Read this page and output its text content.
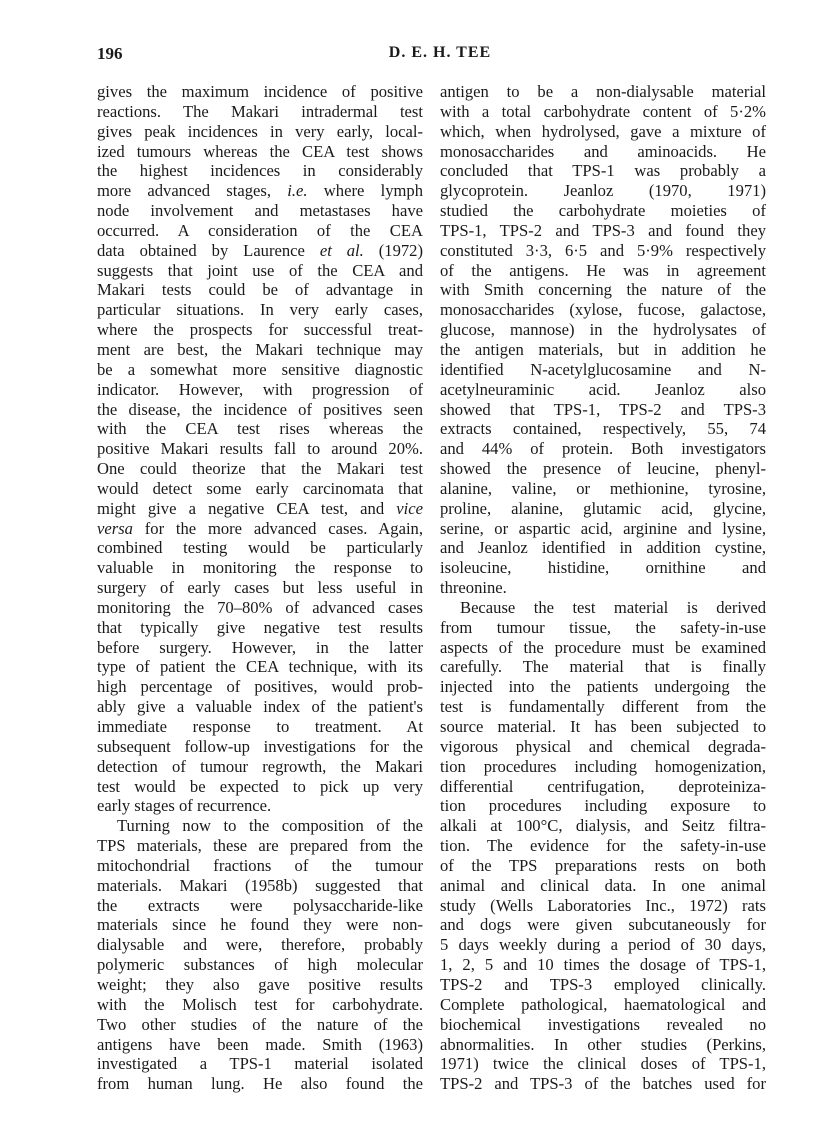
196	D. E. H. TEE
gives the maximum incidence of positive
reactions. The Makari intradermal test
gives peak incidences in very early, local-
ized tumours whereas the CEA test shows
the highest incidences in considerably
more advanced stages, i.e. where lymph
node involvement and metastases have
occurred. A consideration of the CEA
data obtained by Laurence et al. (1972)
suggests that joint use of the CEA and
Makari tests could be of advantage in
particular situations. In very early cases,
where the prospects for successful treat-
ment are best, the Makari technique may
be a somewhat more sensitive diagnostic
indicator. However, with progression of
the disease, the incidence of positives seen
with the CEA test rises whereas the
positive Makari results fall to around 20%.
One could theorize that the Makari test
would detect some early carcinomata that
might give a negative CEA test, and vice
versa for the more advanced cases. Again,
combined testing would be particularly
valuable in monitoring the response to
surgery of early cases but less useful in
monitoring the 70–80% of advanced cases
that typically give negative test results
before surgery. However, in the latter
type of patient the CEA technique, with its
high percentage of positives, would prob-
ably give a valuable index of the patient's
immediate response to treatment. At
subsequent follow-up investigations for the
detection of tumour regrowth, the Makari
test would be expected to pick up very
early stages of recurrence.
Turning now to the composition of the
TPS materials, these are prepared from the
mitochondrial fractions of the tumour
materials. Makari (1958b) suggested that
the extracts were polysaccharide-like
materials since he found they were non-
dialysable and were, therefore, probably
polymeric substances of high molecular
weight; they also gave positive results
with the Molisch test for carbohydrate.
Two other studies of the nature of the
antigens have been made. Smith (1963)
investigated a TPS-1 material isolated
from human lung. He also found the
antigen to be a non-dialysable material
with a total carbohydrate content of 5·2%
which, when hydrolysed, gave a mixture of
monosaccharides and aminoacids. He
concluded that TPS-1 was probably a
glycoprotein. Jeanloz (1970, 1971)
studied the carbohydrate moieties of
TPS-1, TPS-2 and TPS-3 and found they
constituted 3·3, 6·5 and 5·9% respectively
of the antigens. He was in agreement
with Smith concerning the nature of the
monosaccharides (xylose, fucose, galactose,
glucose, mannose) in the hydrolysates of
the antigen materials, but in addition he
identified N-acetylglucosamine and N-
acetylneuraminic acid. Jeanloz also
showed that TPS-1, TPS-2 and TPS-3
extracts contained, respectively, 55, 74
and 44% of protein. Both investigators
showed the presence of leucine, phenyl-
alanine, valine, or methionine, tyrosine,
proline, alanine, glutamic acid, glycine,
serine, or aspartic acid, arginine and lysine,
and Jeanloz identified in addition cystine,
isoleucine, histidine, ornithine and
threonine.
Because the test material is derived
from tumour tissue, the safety-in-use
aspects of the procedure must be examined
carefully. The material that is finally
injected into the patients undergoing the
test is fundamentally different from the
source material. It has been subjected to
vigorous physical and chemical degrada-
tion procedures including homogenization,
differential centrifugation, deproteiniza-
tion procedures including exposure to
alkali at 100°C, dialysis, and Seitz filtra-
tion. The evidence for the safety-in-use
of the TPS preparations rests on both
animal and clinical data. In one animal
study (Wells Laboratories Inc., 1972) rats
and dogs were given subcutaneously for
5 days weekly during a period of 30 days,
1, 2, 5 and 10 times the dosage of TPS-1,
TPS-2 and TPS-3 employed clinically.
Complete pathological, haematological and
biochemical investigations revealed no
abnormalities. In other studies (Perkins,
1971) twice the clinical doses of TPS-1,
TPS-2 and TPS-3 of the batches used for
